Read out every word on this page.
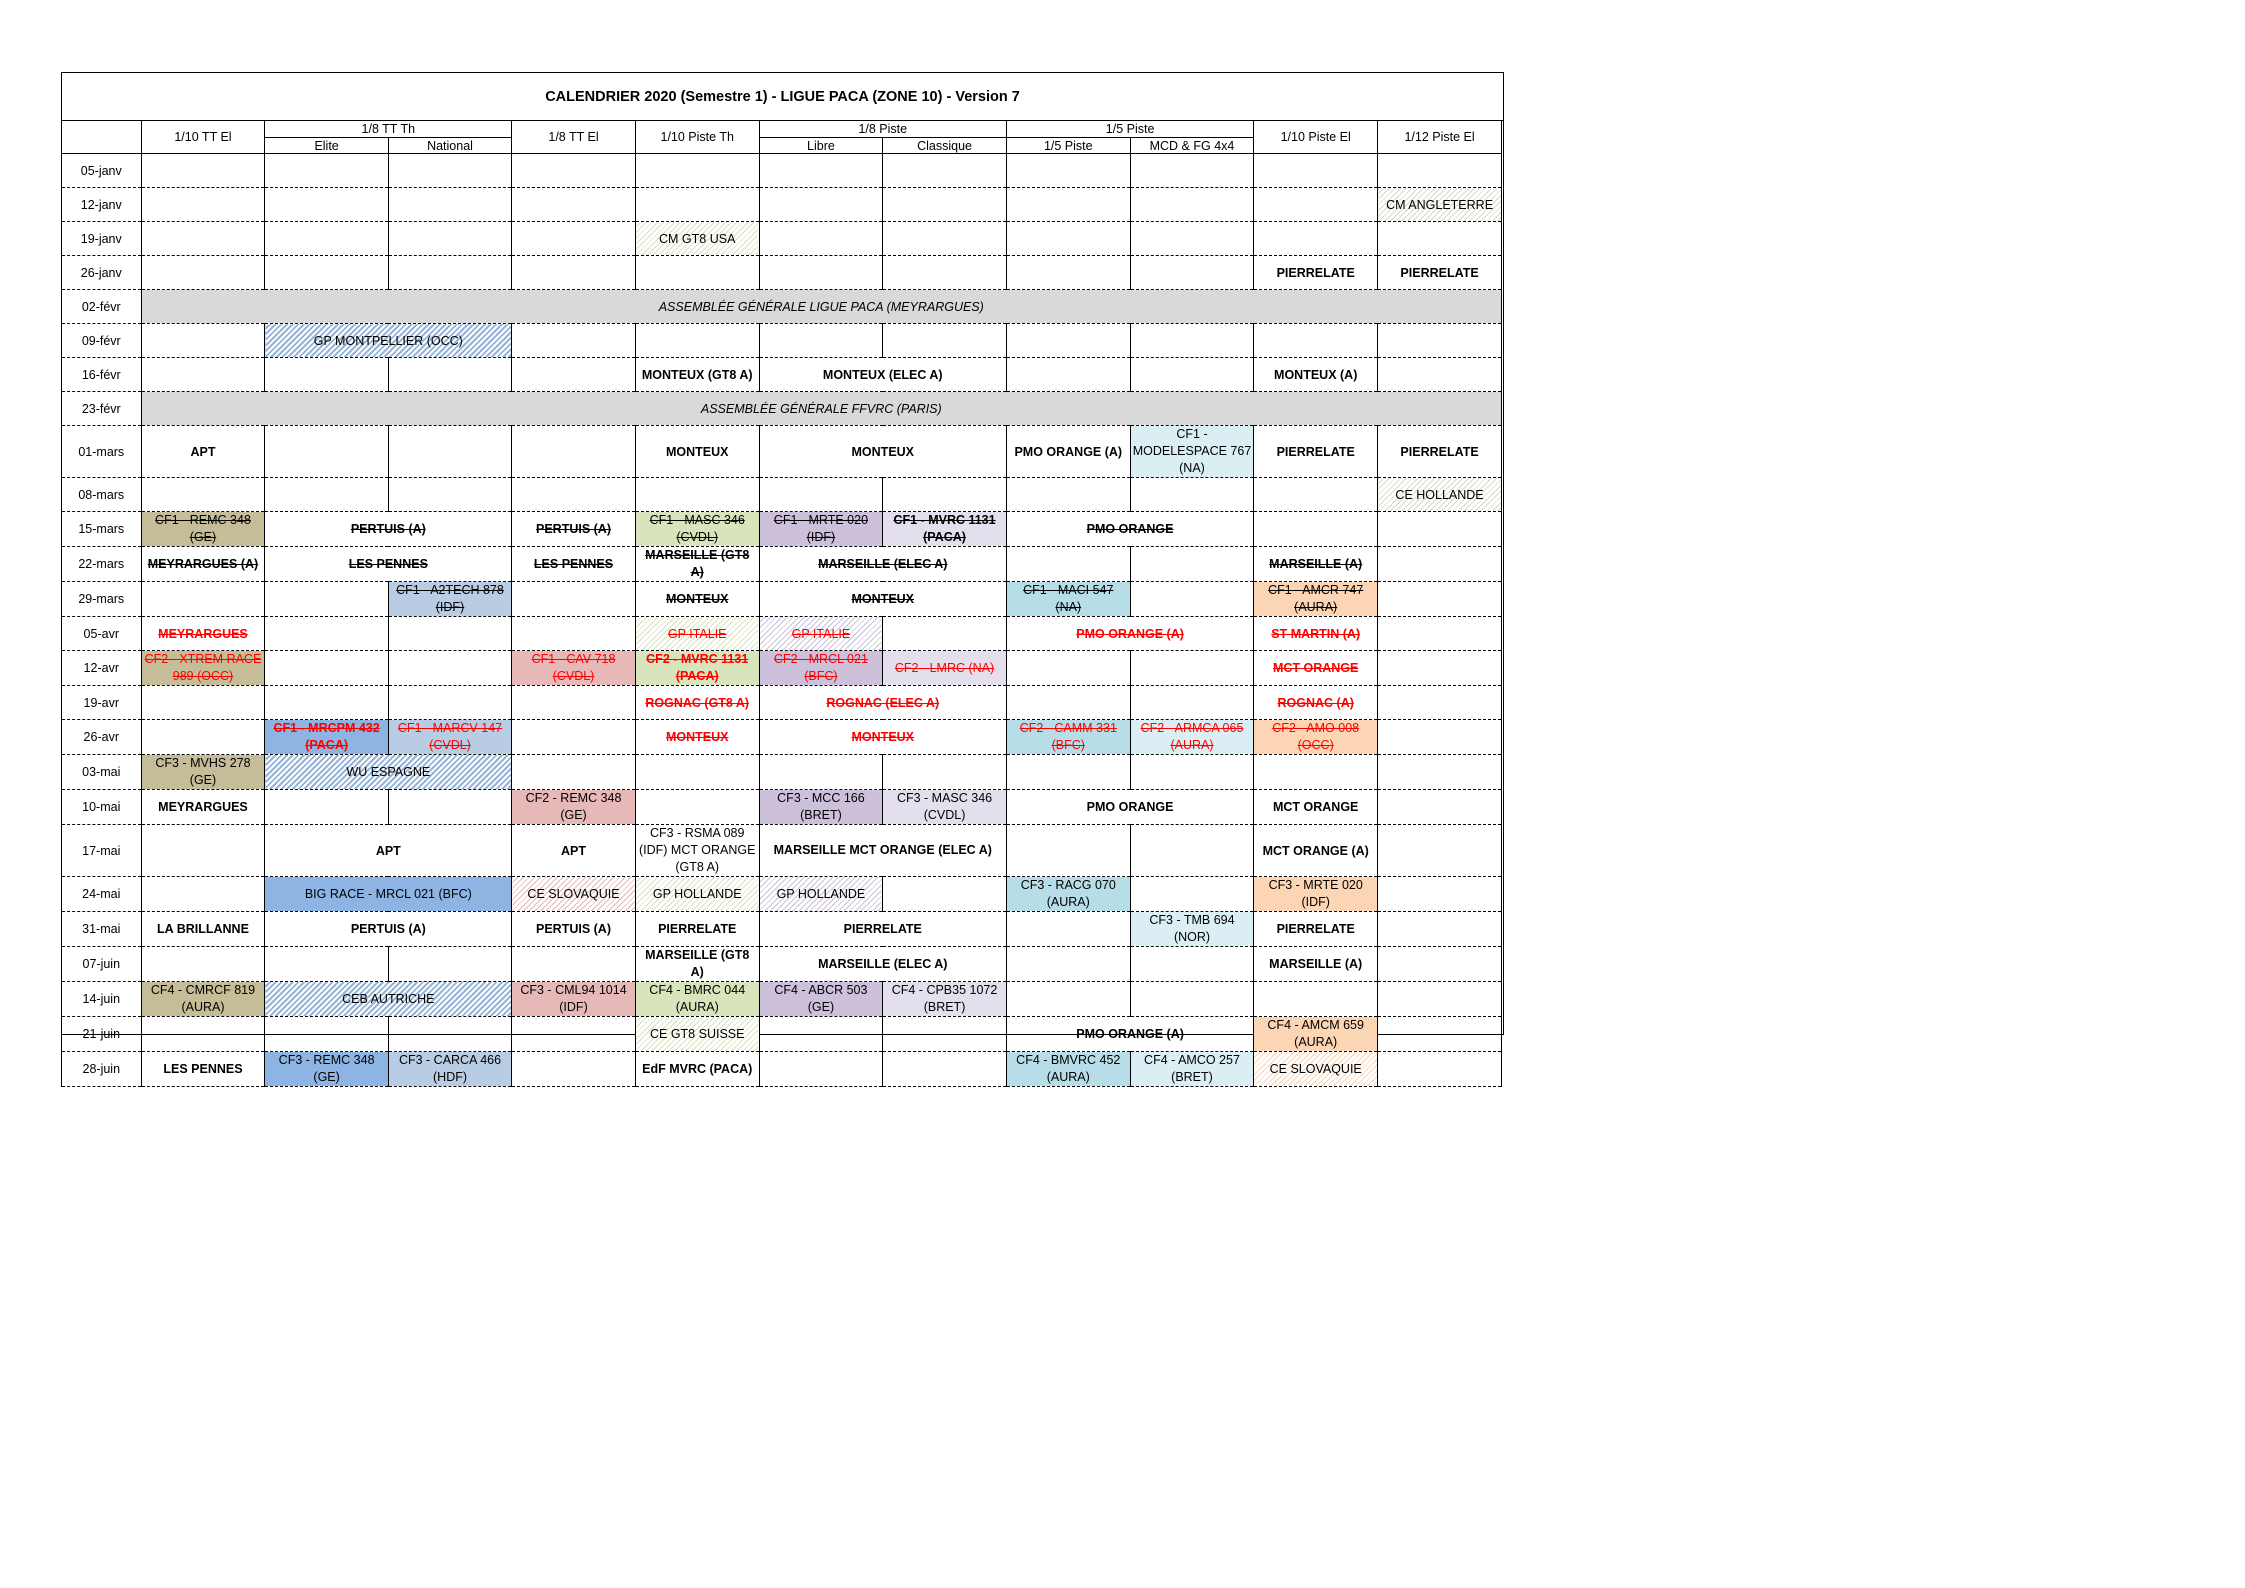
CALENDRIER 2020 (Semestre 1) - LIGUE PACA (ZONE 10) - Version 7
	1/10 TT El	1/8 TT Th		1/8 TT El	1/10 Piste Th	1/8 Piste		1/5 Piste		1/10 Piste El	1/12 Piste El
		Elite	National			Libre	Classique	1/5 Piste	MCD & FG 4x4		
05-janv											
12-janv											CM ANGLETERRE
19-janv					CM GT8 USA						
26-janv										PIERRELATE	PIERRELATE
02-févr	ASSEMBLÉE GÉNÉRALE LIGUE PACA (MEYRARGUES)										
09-févr		GP MONTPELLIER (OCC)									
16-févr					MONTEUX (GT8 A)	MONTEUX (ELEC A)				MONTEUX (A)	
23-févr	ASSEMBLÉE GÉNÉRALE FFVRC (PARIS)										
01-mars	APT				MONTEUX	MONTEUX		PMO ORANGE (A)	CF1 - MODELESPACE 767 (NA)	PIERRELATE	PIERRELATE
08-mars											CE HOLLANDE
15-mars	CF1 - REMC 348 (GE)	PERTUIS (A)		PERTUIS (A)	CF1 - MASC 346 (CVDL)	CF1 - MRTE 020 (IDF)	CF1 - MVRC 1131 (PACA)	PMO ORANGE			
22-mars	MEYRARGUES (A)	LES PENNES		LES PENNES	MARSEILLE (GT8 A)	MARSEILLE (ELEC A)				MARSEILLE (A)	
29-mars			CF1 - A2TECH 878 (IDF)		MONTEUX	MONTEUX		CF1 - MACI 547 (NA)		CF1 - AMCR 747 (AURA)	
05-avr	MEYRARGUES				GP ITALIE	GP ITALIE		PMO ORANGE (A)		ST MARTIN (A)	
12-avr	CF2 - XTREM RACE 989 (OCC)			CF1 - CAV 718 (CVDL)	CF2 - MVRC 1131 (PACA)	CF2 - MRCL 021 (BFC)	CF2 - LMRC (NA)			MCT ORANGE	
19-avr					ROGNAC (GT8 A)	ROGNAC (ELEC A)				ROGNAC (A)	
26-avr		CF1 - MRCPM 432 (PACA)	CF1 - MARCV 147 (CVDL)		MONTEUX	MONTEUX		CF2 - CAMM 331 (BFC)	CF2 - ARMCA 065 (AURA)	CF2 - AMO 008 (OCC)	
03-mai	CF3 - MVHS 278 (GE)	WU ESPAGNE									
10-mai	MEYRARGUES			CF2 - REMC 348 (GE)		CF3 - MCC 166 (BRET)	CF3 - MASC 346 (CVDL)	PMO ORANGE		MCT ORANGE	
17-mai		APT		APT	CF3 - RSMA 089 (IDF) MCT ORANGE (GT8 A)	MARSEILLE MCT ORANGE (ELEC A)				MCT ORANGE (A)	
24-mai		BIG RACE - MRCL 021 (BFC)		CE SLOVAQUIE	GP HOLLANDE	GP HOLLANDE		CF3 - RACG 070 (AURA)		CF3 - MRTE 020 (IDF)	
31-mai	LA BRILLANNE	PERTUIS (A)		PERTUIS (A)	PIERRELATE	PIERRELATE			CF3 - TMB 694 (NOR)	PIERRELATE	
07-juin					MARSEILLE (GT8 A)	MARSEILLE (ELEC A)				MARSEILLE (A)	
14-juin	CF4 - CMRCF 819 (AURA)	CEB AUTRICHE		CF3 - CML94 1014 (IDF)	CF4 - BMRC 044 (AURA)	CF4 - ABCR 503 (GE)	CF4 - CPB35 1072 (BRET)				
21-juin					CE GT8 SUISSE			PMO ORANGE (A)		CF4 - AMCM 659 (AURA)	
28-juin	LES PENNES	CF3 - REMC 348 (GE)	CF3 - CARCA 466 (HDF)		EdF MVRC (PACA)			CF4 - BMVRC 452 (AURA)	CF4 - AMCO 257 (BRET)	CE SLOVAQUIE	
